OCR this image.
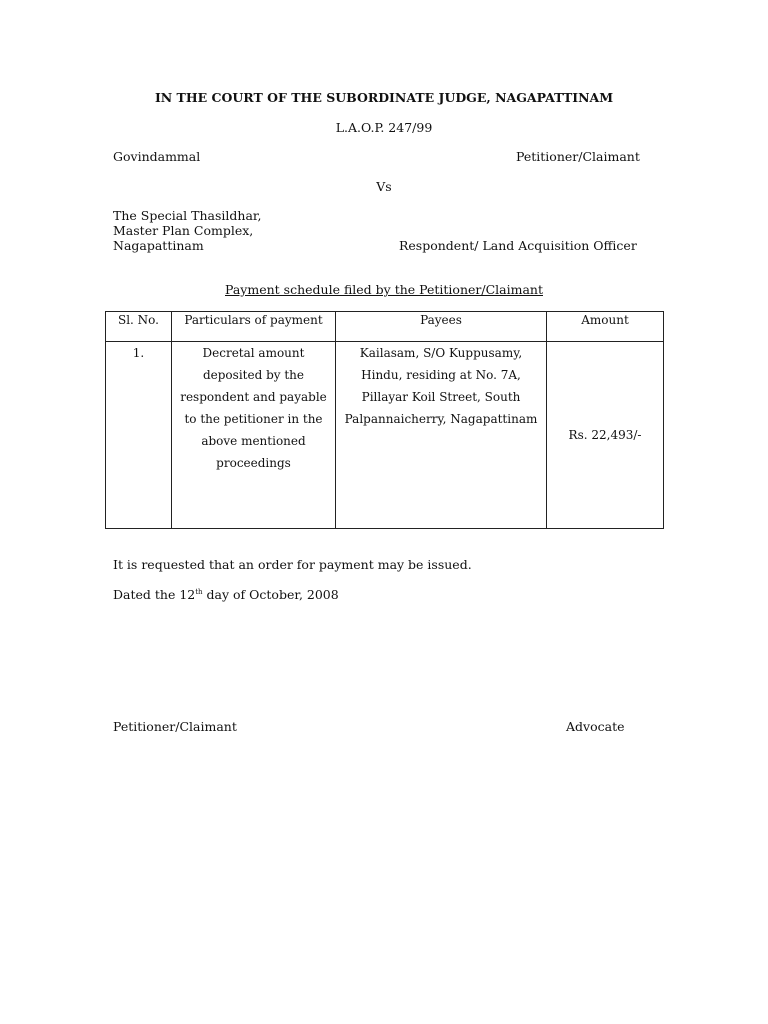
IN THE COURT OF THE SUBORDINATE JUDGE, NAGAPATTINAM
L.A.O.P. 247/99
Govindammal	Petitioner/Claimant
Vs
The Special Thasildhar,
Master Plan Complex,
Nagapattinam	Respondent/ Land Acquisition Officer
Payment schedule filed by the Petitioner/Claimant
Sl. No.	Particulars of payment	Payees	Amount
1.	Decretal amount deposited by the respondent and payable to the petitioner in the above mentioned proceedings	Kailasam, S/O Kuppusamy, Hindu, residing at No. 7A, Pillayar Koil Street, South Palpannaicherry, Nagapattinam	Rs. 22,493/-
It is requested that an order for payment may be issued.
Dated the 12th day of October, 2008
Petitioner/Claimant	Advocate
